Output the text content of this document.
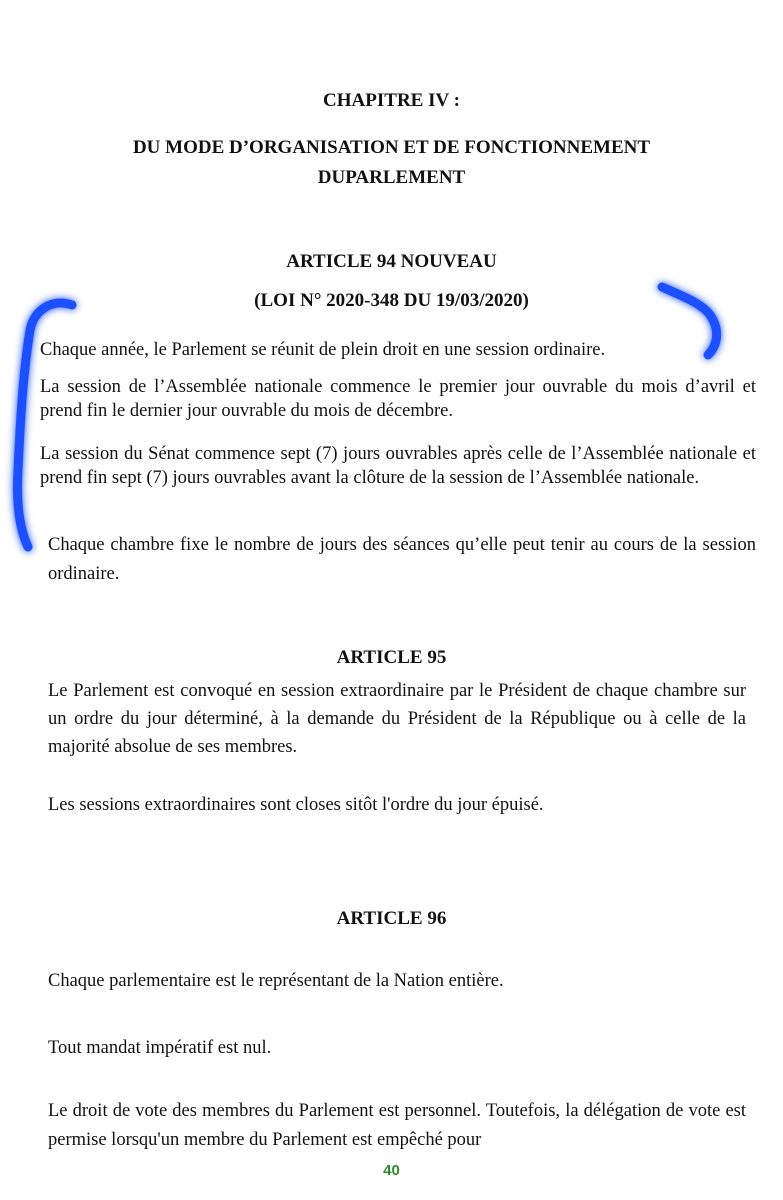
CHAPITRE IV :

DU MODE D’ORGANISATION ET DE FONCTIONNEMENT

DUPARLEMENT

ARTICLE 94 NOUVEAU

(LOI N° 2020-348 DU 19/03/2020)

Chaque année, le Parlement se réunit de plein droit en une session ordinaire.

La session de l’Assemblée nationale commence le premier jour ouvrable du mois d’avril et prend fin le dernier jour ouvrable du mois de décembre.

La session du Sénat commence sept (7) jours ouvrables après celle de l’Assemblée nationale et prend fin sept (7) jours ouvrables avant la clôture de la session de l’Assemblée nationale.

Chaque chambre fixe le nombre de jours des séances qu’elle peut tenir au cours de la session ordinaire.

ARTICLE 95

Le Parlement est convoqué en session extraordinaire par le Président de chaque chambre sur un ordre du jour déterminé, à la demande du Président de la République ou à celle de la majorité absolue de ses membres.

Les sessions extraordinaires sont closes sitôt l'ordre du jour épuisé.

ARTICLE 96

Chaque parlementaire est le représentant de la Nation entière.

Tout mandat impératif est nul.

Le droit de vote des membres du Parlement est personnel. Toutefois, la délégation de vote est permise lorsqu'un membre du Parlement est empêché pour

40
